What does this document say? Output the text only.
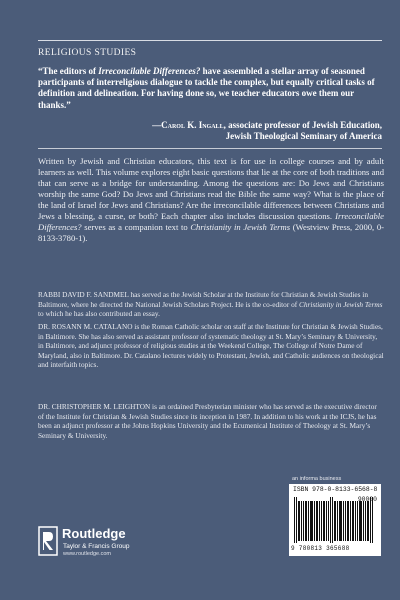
RELIGIOUS STUDIES
“The editors of Irreconcilable Differences? have assembled a stellar array of seasoned participants of interreligious dialogue to tackle the complex, but equally critical tasks of definition and delineation. For having done so, we teacher educators owe them our thanks.”
—Carol K. Ingall, associate professor of Jewish Education,
Jewish Theological Seminary of America
Written by Jewish and Christian educators, this text is for use in college courses and by adult learners as well. This volume explores eight basic questions that lie at the core of both traditions and that can serve as a bridge for understanding. Among the questions are: Do Jews and Christians worship the same God? Do Jews and Christians read the Bible the same way? What is the place of the land of Israel for Jews and Christians? Are the irreconcilable differences between Christians and Jews a blessing, a curse, or both? Each chapter also includes discussion questions. Irreconcilable Differences? serves as a companion text to Christianity in Jewish Terms (Westview Press, 2000, 0-8133-3780-1).
RABBI DAVID F. SANDMEL has served as the Jewish Scholar at the Institute for Christian & Jewish Studies in Baltimore, where he directed the National Jewish Scholars Project. He is the co-editor of Christianity in Jewish Terms to which he has also contributed an essay.
DR. ROSANN M. CATALANO is the Roman Catholic scholar on staff at the Institute for Christian & Jewish Studies, in Baltimore. She has also served as assistant professor of systematic theology at St. Mary’s Seminary & University, in Baltimore, and adjunct professor of religious studies at the Weekend College, The College of Notre Dame of Maryland, also in Baltimore. Dr. Catalano lectures widely to Protestant, Jewish, and Catholic audiences on theological and interfaith topics.
DR. CHRISTOPHER M. LEIGHTON is an ordained Presbyterian minister who has served as the executive director of the Institute for Christian & Jewish Studies since its inception in 1987. In addition to his work at the ICJS, he has been an adjunct professor at the Johns Hopkins University and the Ecumenical Institute of Theology at St. Mary’s Seminary & University.
an informa business
ISBN 978-0-8133-6568-8
90000
9 780813 365688
Routledge
Taylor & Francis Group
www.routledge.com
